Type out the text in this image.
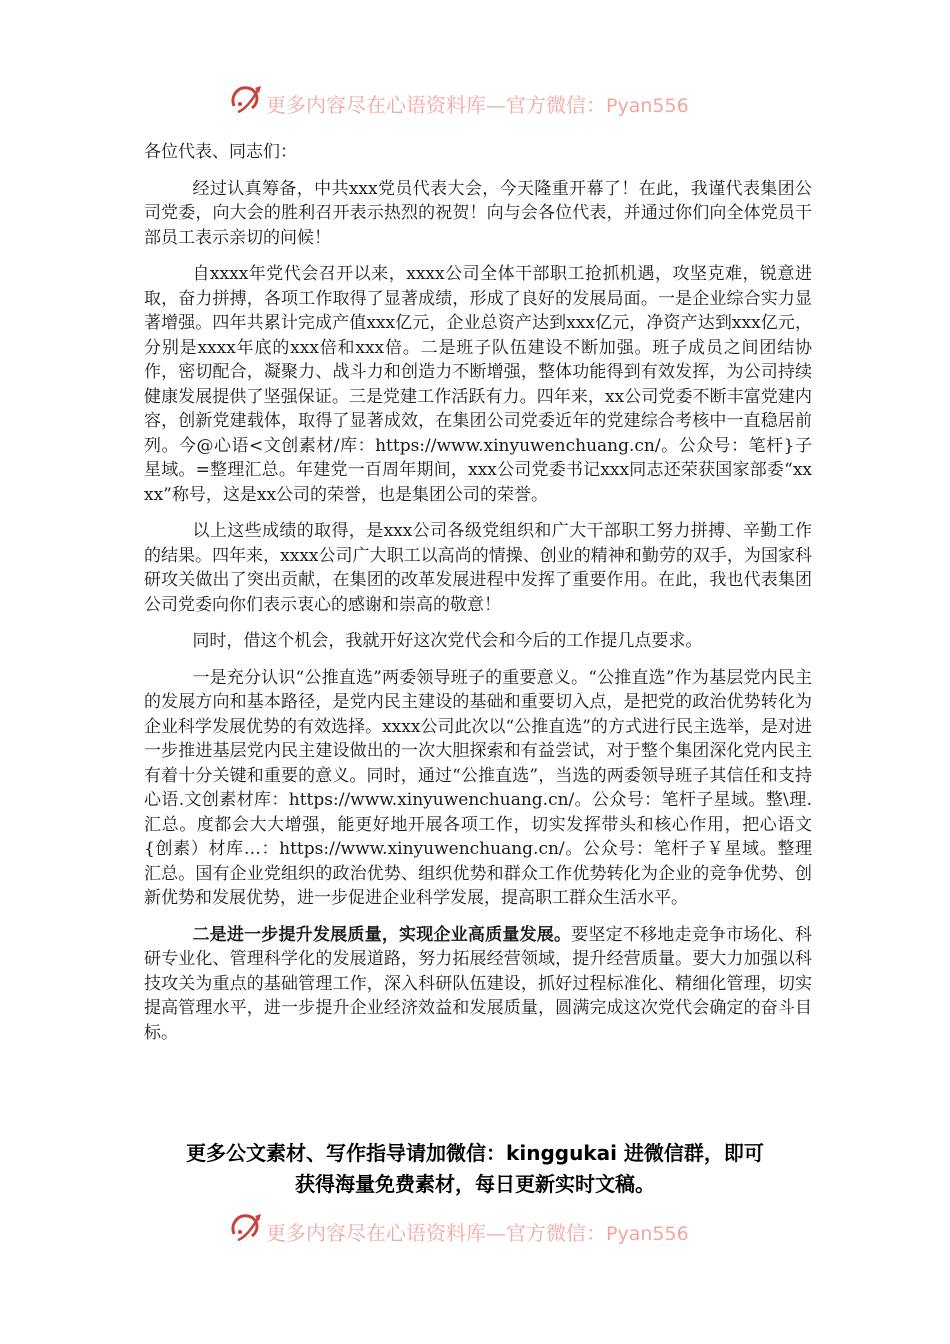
更多内容尽在心语资料库—官方微信：Pyan556

各位代表、同志们：

经过认真筹备，中共xxx党员代表大会，今天隆重开幕了！在此，我谨代表集团公司党委，向大会的胜利召开表示热烈的祝贺！向与会各位代表，并通过你们向全体党员干部员工表示亲切的问候！

自xxxx年党代会召开以来，xxxx公司全体干部职工抢抓机遇，攻坚克难，锐意进取，奋力拼搏，各项工作取得了显著成绩，形成了良好的发展局面。一是企业综合实力显著增强。四年共累计完成产值xxx亿元，企业总资产达到xxx亿元，净资产达到xxx亿元，分别是xxxx年底的xxx倍和xxx倍。二是班子队伍建设不断加强。班子成员之间团结协作，密切配合，凝聚力、战斗力和创造力不断增强，整体功能得到有效发挥，为公司持续健康发展提供了坚强保证。三是党建工作活跃有力。四年来，xx公司党委不断丰富党建内容，创新党建载体，取得了显著成效，在集团公司党委近年的党建综合考核中一直稳居前列。今@心语<文创素材/库：https://www.xinyuwenchuang.cn/。公众号：笔杆}子星域。=整理汇总。年建党一百周年期间，xxx公司党委书记xxx同志还荣获国家部委“xxxx”称号，这是xx公司的荣誉，也是集团公司的荣誉。

以上这些成绩的取得，是xxx公司各级党组织和广大干部职工努力拼搏、辛勤工作的结果。四年来，xxxx公司广大职工以高尚的情操、创业的精神和勤劳的双手，为国家科研攻关做出了突出贡献，在集团的改革发展进程中发挥了重要作用。在此，我也代表集团公司党委向你们表示衷心的感谢和崇高的敬意！

同时，借这个机会，我就开好这次党代会和今后的工作提几点要求。

一是充分认识“公推直选”两委领导班子的重要意义。“公推直选”作为基层党内民主的发展方向和基本路径，是党内民主建设的基础和重要切入点，是把党的政治优势转化为企业科学发展优势的有效选择。xxxx公司此次以“公推直选”的方式进行民主选举，是对进一步推进基层党内民主建设做出的一次大胆探索和有益尝试，对于整个集团深化党内民主有着十分关键和重要的意义。同时，通过“公推直选”，当选的两委领导班子其信任和支持心语.文创素材库：https://www.xinyuwenchuang.cn/。公众号：笔杆子星域。整\理.汇总。度都会大大增强，能更好地开展各项工作，切实发挥带头和核心作用，把心语文{创素）材库…：https://www.xinyuwenchuang.cn/。公众号：笔杆子￥星域。整理汇总。国有企业党组织的政治优势、组织优势和群众工作优势转化为企业的竞争优势、创新优势和发展优势，进一步促进企业科学发展，提高职工群众生活水平。

二是进一步提升发展质量，实现企业高质量发展。要坚定不移地走竞争市场化、科研专业化、管理科学化的发展道路，努力拓展经营领域，提升经营质量。要大力加强以科技攻关为重点的基础管理工作，深入科研队伍建设，抓好过程标准化、精细化管理，切实提高管理水平，进一步提升企业经济效益和发展质量，圆满完成这次党代会确定的奋斗目标。

更多公文素材、写作指导请加微信：kinggukai 进微信群，即可
获得海量免费素材，每日更新实时文稿。
更多内容尽在心语资料库—官方微信：Pyan556
